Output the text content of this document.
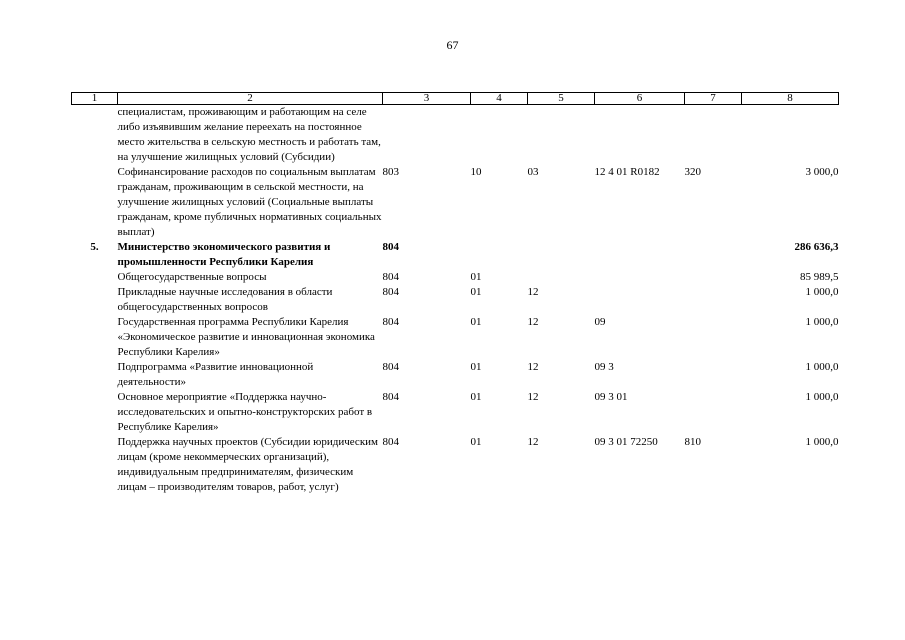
67
1	2	3	4	5	6	7	8
	специалистам, проживающим и работающим на селе либо изъявившим желание переехать на постоянное место жительства в сельскую местность и работать там, на улучшение жилищных условий (Субсидии)						
	Софинансирование расходов по социальным выплатам гражданам, проживающим в сельской местности, на улучшение жилищных условий (Социальные выплаты гражданам, кроме публичных нормативных социальных выплат)	803	10	03	12 4 01 R0182	320	3 000,0
5.	Министерство экономического развития и промышленности Республики Карелия	804					286 636,3
	Общегосударственные вопросы	804	01				85 989,5
	Прикладные научные исследования в области общегосударственных вопросов	804	01	12			1 000,0
	Государственная программа Республики Карелия «Экономическое развитие и инновационная экономика Республики Карелия»	804	01	12	09		1 000,0
	Подпрограмма «Развитие инновационной деятельности»	804	01	12	09 3		1 000,0
	Основное мероприятие «Поддержка научно-исследовательских и опытно-конструкторских работ в Республике Карелия»	804	01	12	09 3 01		1 000,0
	Поддержка научных проектов (Субсидии юридическим лицам (кроме некоммерческих организаций), индивидуальным предпринимателям, физическим лицам – производителям товаров, работ, услуг)	804	01	12	09 3 01 72250	810	1 000,0
